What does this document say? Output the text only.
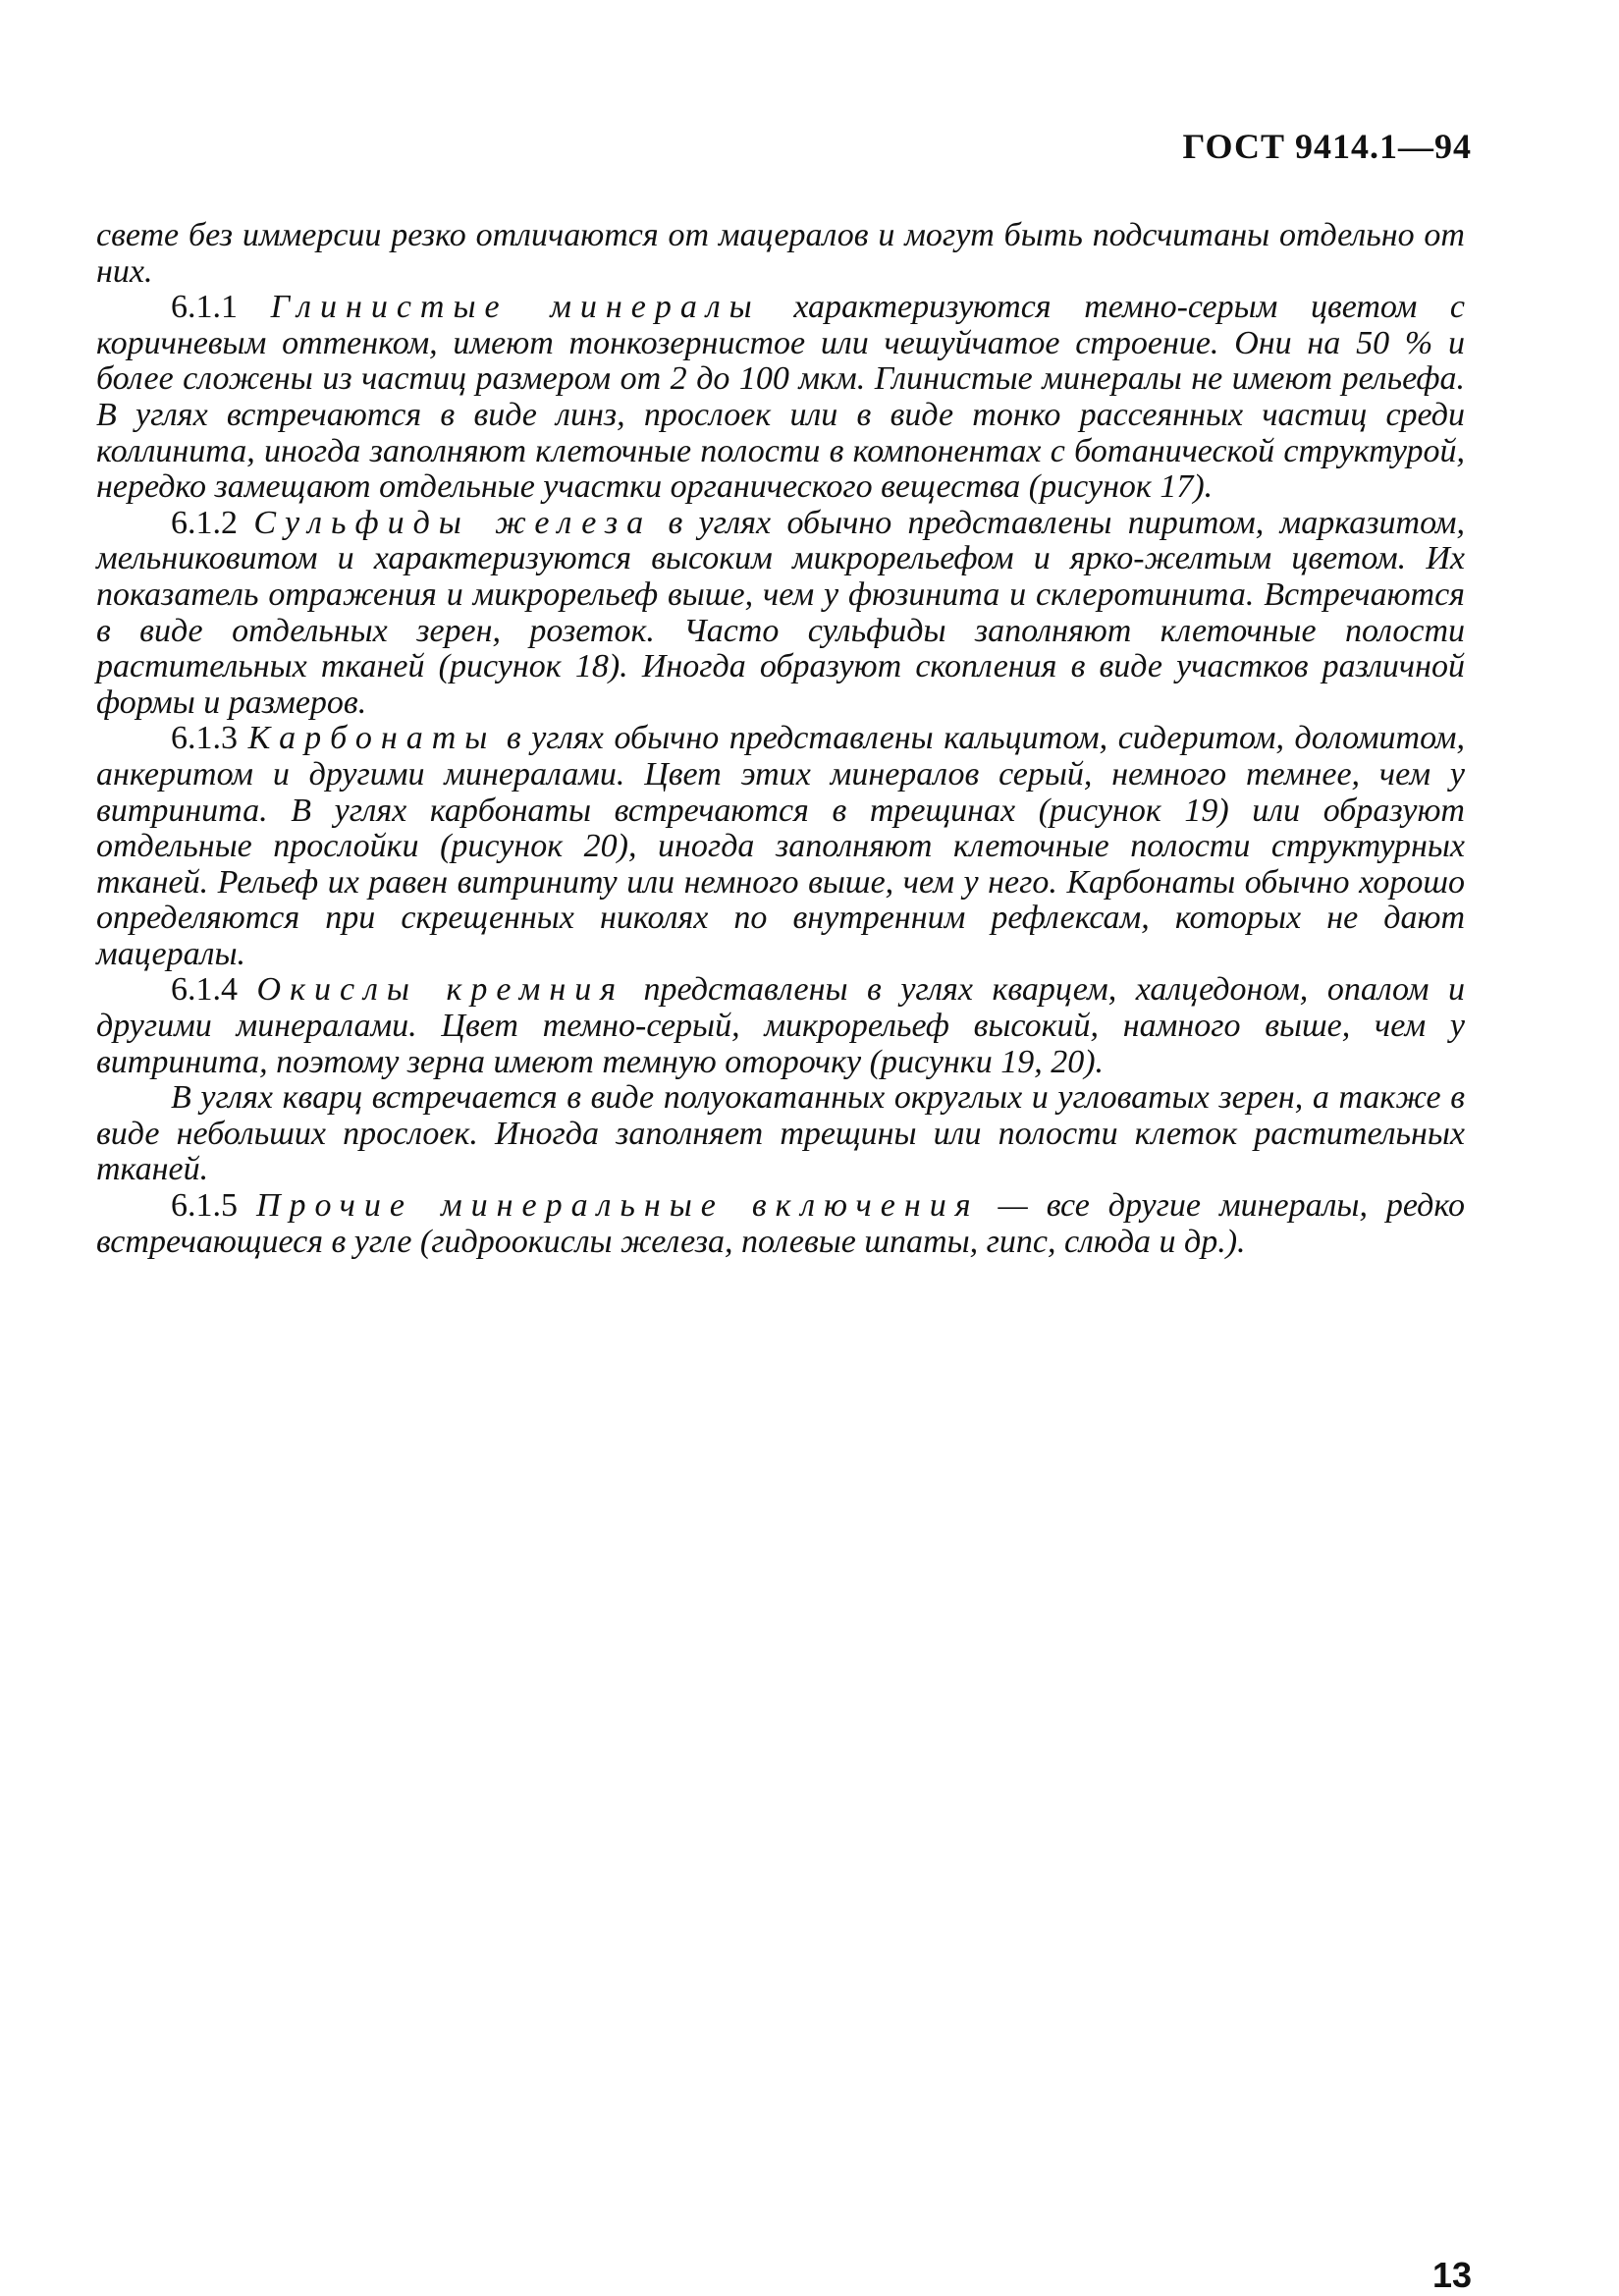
ГОСТ 9414.1—94

свете без иммерсии резко отличаются от мацералов и могут быть подсчитаны отдельно от них.

6.1.1 Глинистые минералы характеризуются темно-серым цветом с коричневым оттенком, имеют тонкозернистое или чешуйчатое строение. Они на 50 % и более сложены из частиц размером от 2 до 100 мкм. Глинистые минералы не имеют рельефа. В углях встречаются в виде линз, прослоек или в виде тонко рассеянных частиц среди коллинита, иногда заполняют клеточные полости в компонентах с ботанической структурой, нередко замещают отдельные участки органического вещества (рисунок 17).

6.1.2 Сульфиды железа в углях обычно представлены пиритом, марказитом, мельниковитом и характеризуются высоким микрорельефом и ярко-желтым цветом. Их показатель отражения и микрорельеф выше, чем у фюзинита и склеротинита. Встречаются в виде отдельных зерен, розеток. Часто сульфиды заполняют клеточные полости растительных тканей (рисунок 18). Иногда образуют скопления в виде участков различной формы и размеров.

6.1.3 Карбонаты в углях обычно представлены кальцитом, сидеритом, доломитом, анкеритом и другими минералами. Цвет этих минералов серый, немного темнее, чем у витринита. В углях карбонаты встречаются в трещинах (рисунок 19) или образуют отдельные прослойки (рисунок 20), иногда заполняют клеточные полости структурных тканей. Рельеф их равен витриниту или немного выше, чем у него. Карбонаты обычно хорошо определяются при скрещенных николях по внутренним рефлексам, которых не дают мацералы.

6.1.4 Окислы кремния представлены в углях кварцем, халцедоном, опалом и другими минералами. Цвет темно-серый, микрорельеф высокий, намного выше, чем у витринита, поэтому зерна имеют темную оторочку (рисунки 19, 20).

В углях кварц встречается в виде полуокатанных округлых и угловатых зерен, а также в виде небольших прослоек. Иногда заполняет трещины или полости клеток растительных тканей.

6.1.5 Прочие минеральные включения — все другие минералы, редко встречающиеся в угле (гидроокислы железа, полевые шпаты, гипс, слюда и др.).

13
